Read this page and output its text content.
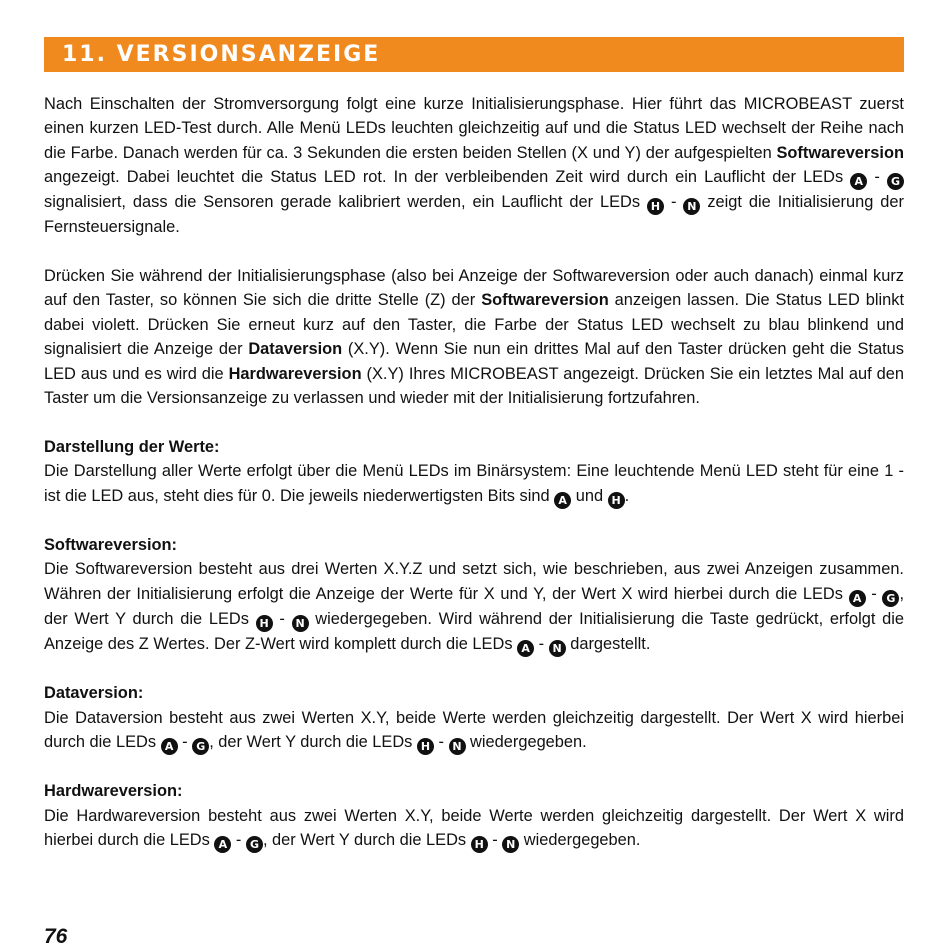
11. VERSIONSANZEIGE

Nach Einschalten der Stromversorgung folgt eine kurze Initialisierungsphase. Hier führt das MICROBEAST zuerst einen kurzen LED-Test durch. Alle Menü LEDs leuchten gleichzeitig auf und die Status LED wechselt der Reihe nach die Farbe. Danach werden für ca. 3 Sekunden die ersten beiden Stellen (X und Y) der aufgespielten Softwareversion angezeigt. Dabei leuchtet die Status LED rot. In der verbleibenden Zeit wird durch ein Lauflicht der LEDs A - G signalisiert, dass die Sensoren gerade kalibriert werden, ein Lauflicht der LEDs H - N zeigt die Initialisierung der Fernsteuersignale.

Drücken Sie während der Initialisierungsphase (also bei Anzeige der Softwareversion oder auch danach) einmal kurz auf den Taster, so können Sie sich die dritte Stelle (Z) der Softwareversion anzeigen lassen. Die Status LED blinkt dabei violett. Drücken Sie erneut kurz auf den Taster, die Farbe der Status LED wechselt zu blau blinkend und signalisiert die Anzeige der Dataversion (X.Y). Wenn Sie nun ein drittes Mal auf den Taster drücken geht die Status LED aus und es wird die Hardwareversion (X.Y) Ihres MICROBEAST angezeigt. Drücken Sie ein letztes Mal auf den Taster um die Versionsanzeige zu verlassen und wieder mit der Initialisierung fortzufahren.

Darstellung der Werte:

Die Darstellung aller Werte erfolgt über die Menü LEDs im Binärsystem: Eine leuchtende Menü LED steht für eine 1 - ist die LED aus, steht dies für 0. Die jeweils niederwertigsten Bits sind A und H .

Softwareversion:

Die Softwareversion besteht aus drei Werten X.Y.Z und setzt sich, wie beschrieben, aus zwei Anzeigen zusammen. Währen der Initialisierung erfolgt die Anzeige der Werte für X und Y, der Wert X wird hierbei durch die LEDs A - G , der Wert Y durch die LEDs H - N wiedergegeben. Wird während der Initialisierung die Taste gedrückt, erfolgt die Anzeige des Z Wertes. Der Z-Wert wird komplett durch die LEDs A - N dargestellt.

Dataversion:

Die Dataversion besteht aus zwei Werten X.Y, beide Werte werden gleichzeitig dargestellt. Der Wert X wird hierbei durch die LEDs A - G , der Wert Y durch die LEDs H - N wiedergegeben.

Hardwareversion:

Die Hardwareversion besteht aus zwei Werten X.Y, beide Werte werden gleichzeitig dargestellt. Der Wert X wird hierbei durch die LEDs A - G , der Wert Y durch die LEDs H - N wiedergegeben.

76
